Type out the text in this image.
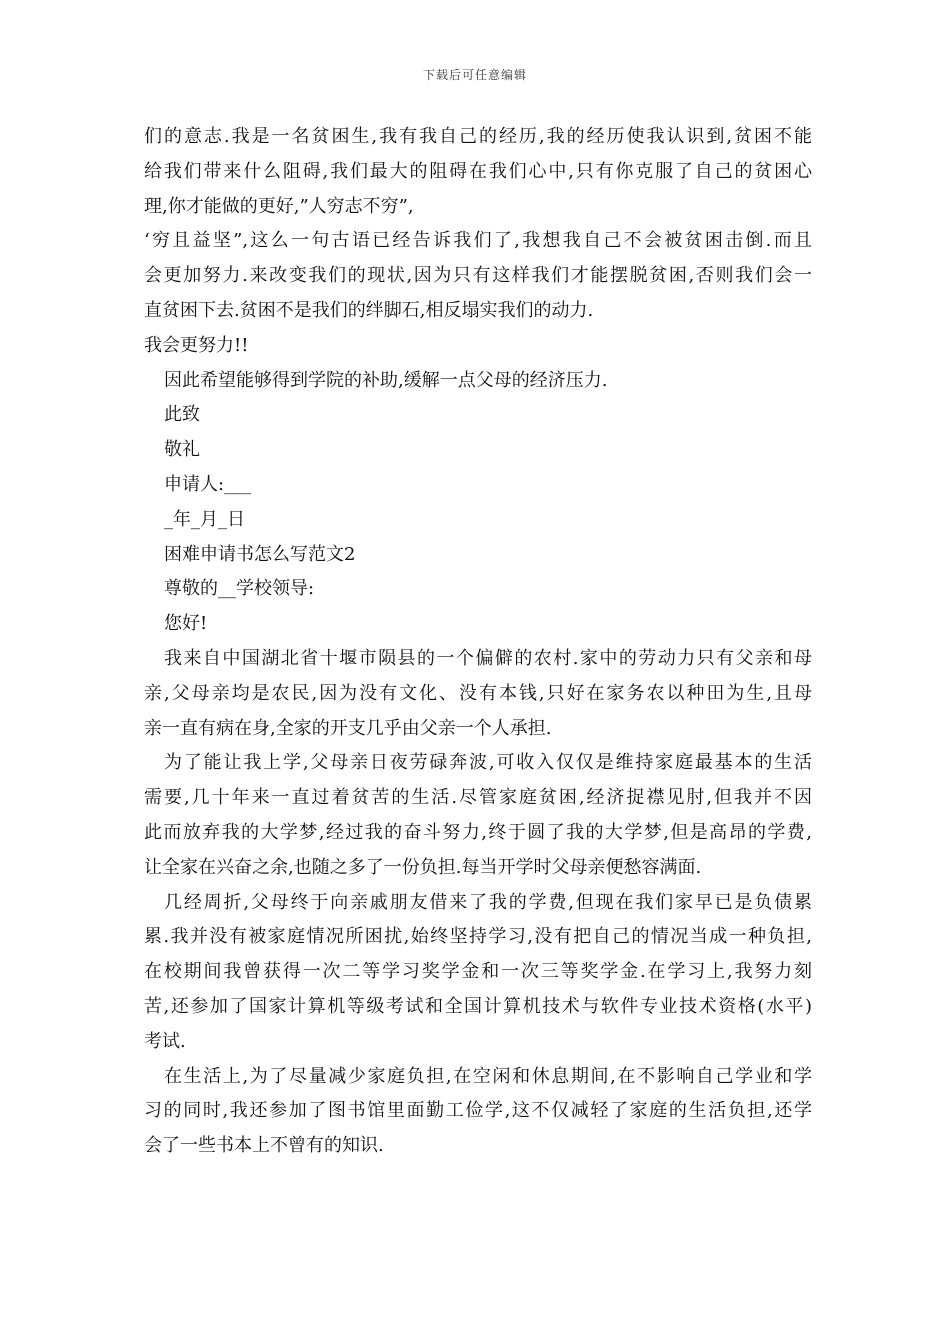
下载后可任意编辑
们的意志.我是一名贫困生,我有我自己的经历,我的经历使我认识到,贫困不能
给我们带来什么阻碍,我们最大的阻碍在我们心中,只有你克服了自己的贫困心
理,你才能做的更好,”人穷志不穷”,
‘穷且益坚”,这么一句古语已经告诉我们了,我想我自己不会被贫困击倒.而且
会更加努力.来改变我们的现状,因为只有这样我们才能摆脱贫困,否则我们会一
直贫困下去.贫困不是我们的绊脚石,相反塌实我们的动力.
我会更努力!!
因此希望能够得到学院的补助,缓解一点父母的经济压力.
此致
敬礼
申请人:___
_年_月_日
困难申请书怎么写范文2
尊敬的__学校领导:
您好!
我来自中国湖北省十堰市陨县的一个偏僻的农村.家中的劳动力只有父亲和母
亲,父母亲均是农民,因为没有文化、没有本钱,只好在家务农以种田为生,且母
亲一直有病在身,全家的开支几乎由父亲一个人承担.
为了能让我上学,父母亲日夜劳碌奔波,可收入仅仅是维持家庭最基本的生活
需要,几十年来一直过着贫苦的生活.尽管家庭贫困,经济捉襟见肘,但我并不因
此而放弃我的大学梦,经过我的奋斗努力,终于圆了我的大学梦,但是高昂的学费,
让全家在兴奋之余,也随之多了一份负担.每当开学时父母亲便愁容满面.
几经周折,父母终于向亲戚朋友借来了我的学费,但现在我们家早已是负债累
累.我并没有被家庭情况所困扰,始终坚持学习,没有把自己的情况当成一种负担,
在校期间我曾获得一次二等学习奖学金和一次三等奖学金.在学习上,我努力刻
苦,还参加了国家计算机等级考试和全国计算机技术与软件专业技术资格(水平)
考试.
在生活上,为了尽量减少家庭负担,在空闲和休息期间,在不影响自己学业和学
习的同时,我还参加了图书馆里面勤工俭学,这不仅减轻了家庭的生活负担,还学
会了一些书本上不曾有的知识.
